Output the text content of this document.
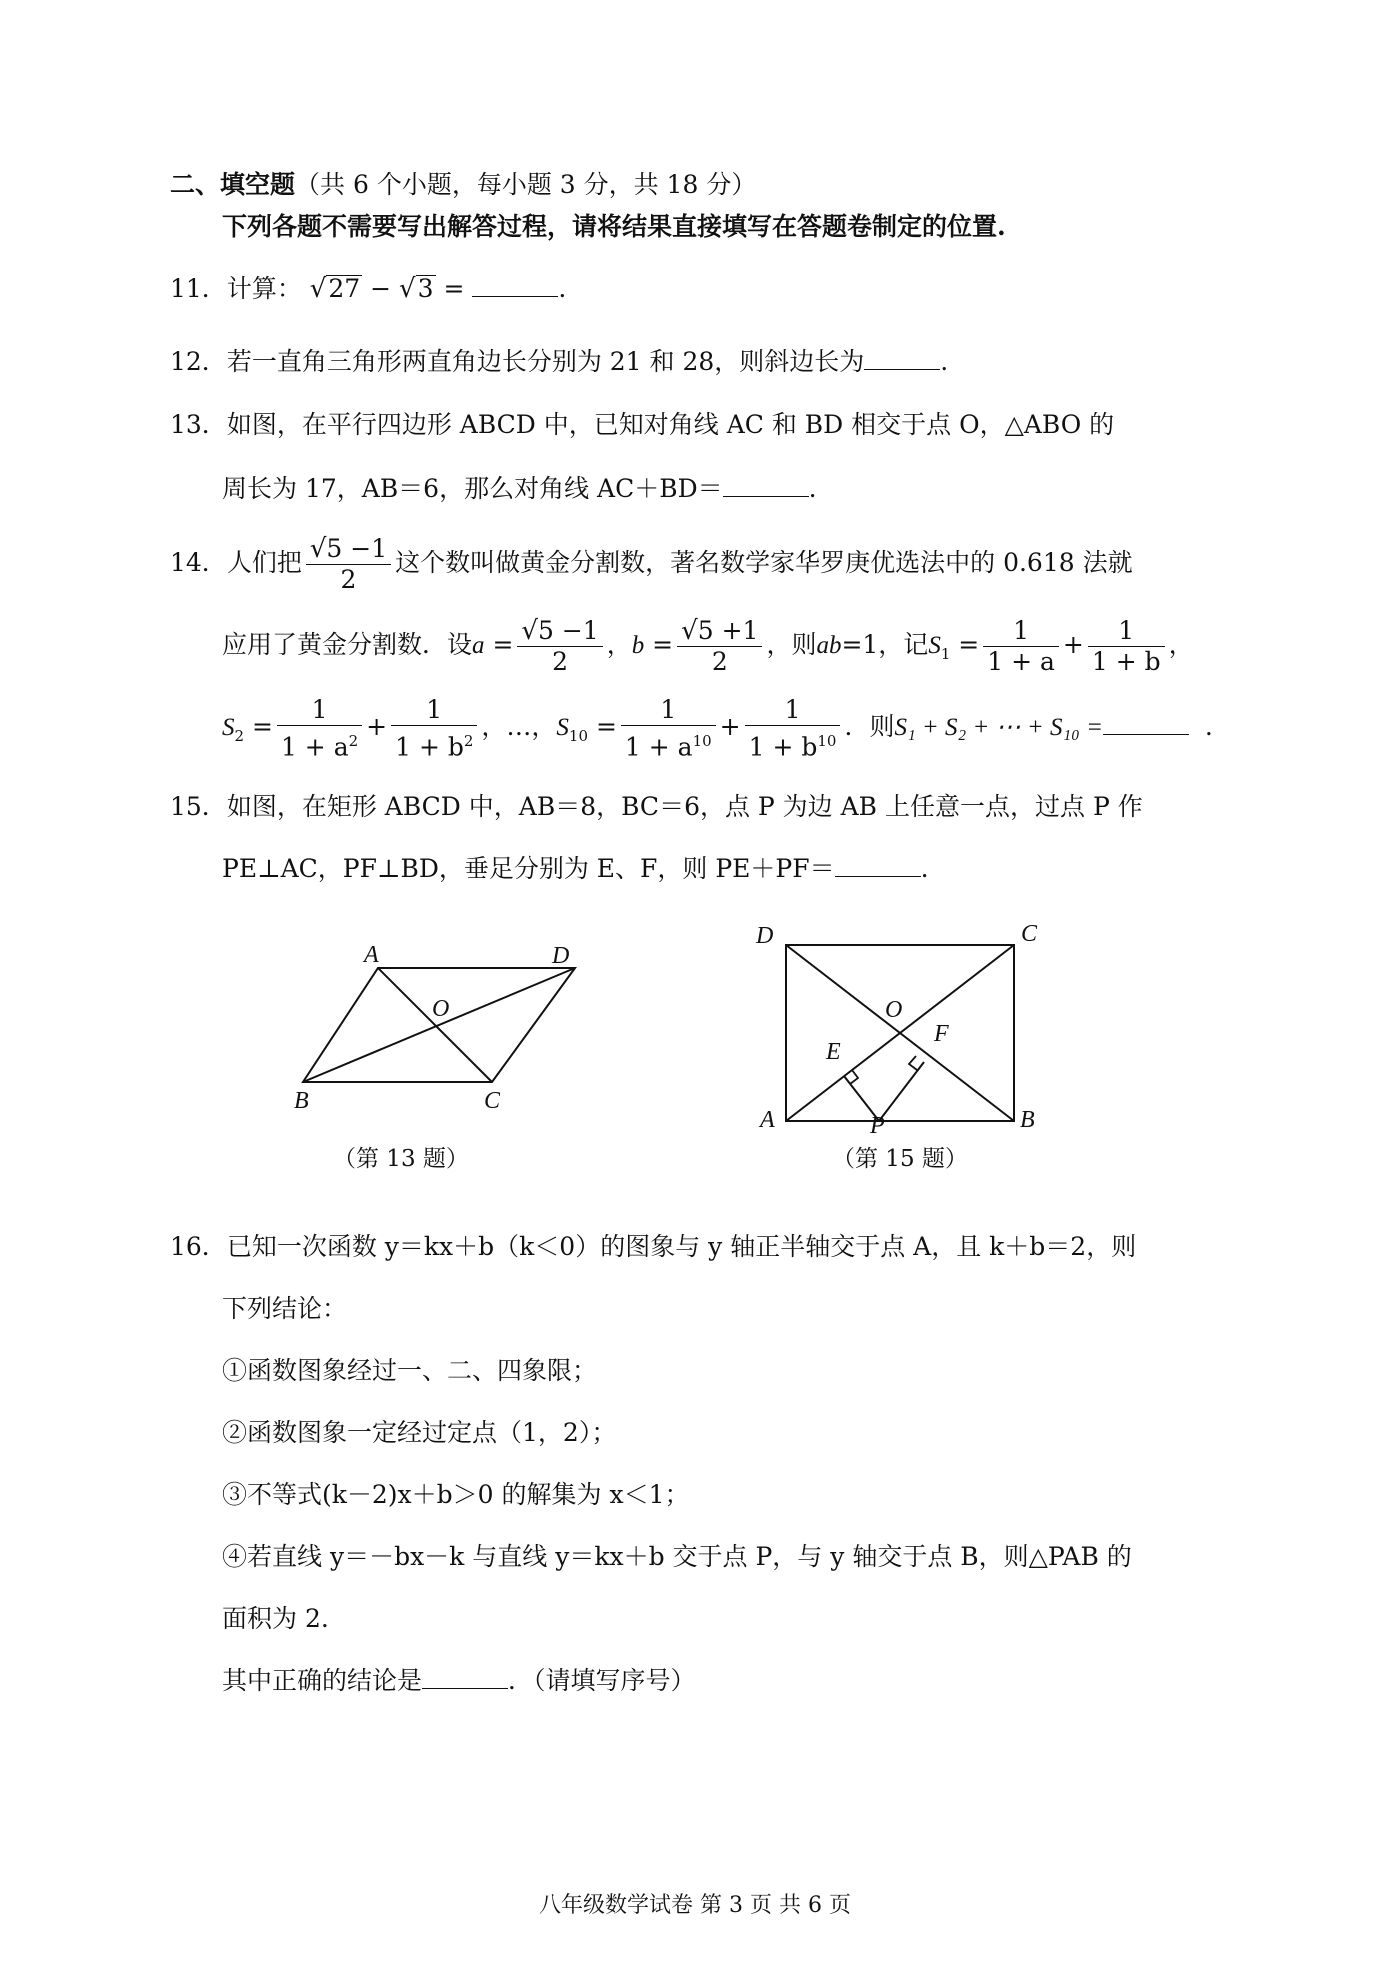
二、填空题（共 6 个小题，每小题 3 分，共 18 分）
下列各题不需要写出解答过程，请将结果直接填写在答题卷制定的位置.
11．计算： √27 − √3 =	.
12．若一直角三角形两直角边长分别为 21 和 28，则斜边长为	.
13．如图，在平行四边形 ABCD 中，已知对角线 AC 和 BD 相交于点 O，△ABO 的
周长为 17，AB＝6，那么对角线 AC＋BD＝	.
14．人们把 $\frac{√5 -1}{2}$ 这个数叫做黄金分割数，著名数学家华罗庚优选法中的 0.618 法就
应用了黄金分割数．设$a = \frac{√5 -1}{2}$ ，$b = \frac{√5 +1}{2}$ ，则ab=1，记$S_1 = \frac{1}{1 + a} + \frac{1}{1 + b}$ ，
$S_2 = \frac{1}{1 + a^2} + \frac{1}{1 + b^2}$ ，…，$S_{10} = \frac{1}{1 + a^{10}} + \frac{1}{1 + b^{10}}$ ．则S₁ + S₂ + ⋯ + S₁₀ =	.
15．如图，在矩形 ABCD 中，AB＝8，BC＝6，点 P 为边 AB 上任意一点，过点 P 作
PE⊥AC，PF⊥BD，垂足分别为 E、F，则 PE＋PF＝	.
A	D
O
B	C
（第 13 题）
D	C
O
E
F
A	B
P
（第 15 题）
16．已知一次函数 y＝kx＋b（k＜0）的图象与 y 轴正半轴交于点 A，且 k＋b＝2，则
下列结论：
①函数图象经过一、二、四象限；
②函数图象一定经过定点（1，2）；
③不等式(k－2)x＋b＞0 的解集为 x＜1；
④若直线 y＝－bx－k 与直线 y＝kx＋b 交于点 P，与 y 轴交于点 B，则△PAB 的
面积为 2.
其中正确的结论是	．（请填写序号）
八年级数学试卷 第 3 页 共 6 页
